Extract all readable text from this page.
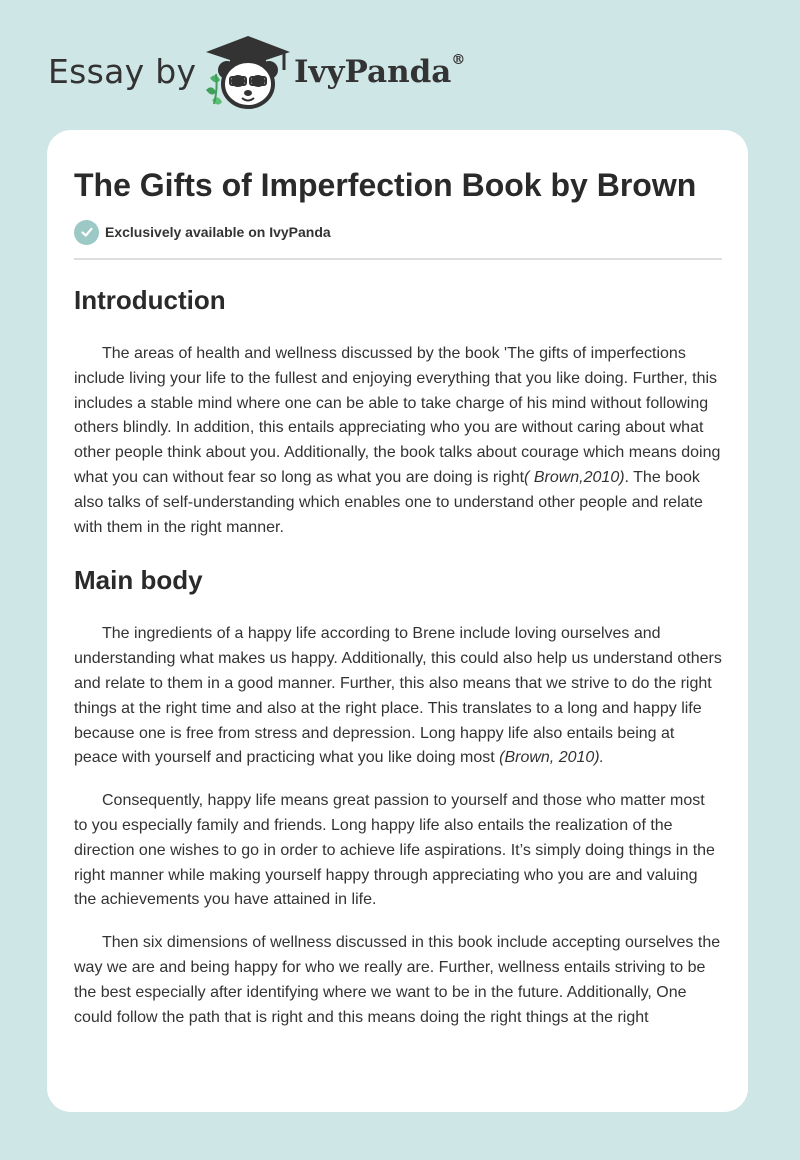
Essay by	IvyPanda®
The Gifts of Imperfection Book by Brown
Exclusively available on IvyPanda
Introduction

The areas of health and wellness discussed by the book 'The gifts of imperfections include living your life to the fullest and enjoying everything that you like doing. Further, this includes a stable mind where one can be able to take charge of his mind without following others blindly. In addition, this entails appreciating who you are without caring about what other people think about you. Additionally, the book talks about courage which means doing what you can without fear so long as what you are doing is right( Brown,2010). The book also talks of self-understanding which enables one to understand other people and relate with them in the right manner.

Main body

The ingredients of a happy life according to Brene include loving ourselves and understanding what makes us happy. Additionally, this could also help us understand others and relate to them in a good manner. Further, this also means that we strive to do the right things at the right time and also at the right place. This translates to a long and happy life because one is free from stress and depression. Long happy life also entails being at peace with yourself and practicing what you like doing most (Brown, 2010).

Consequently, happy life means great passion to yourself and those who matter most to you especially family and friends. Long happy life also entails the realization of the direction one wishes to go in order to achieve life aspirations. It’s simply doing things in the right manner while making yourself happy through appreciating who you are and valuing the achievements you have attained in life.

Then six dimensions of wellness discussed in this book include accepting ourselves the way we are and being happy for who we really are. Further, wellness entails striving to be the best especially after identifying where we want to be in the future. Additionally, One could follow the path that is right and this means doing the right things at the right
